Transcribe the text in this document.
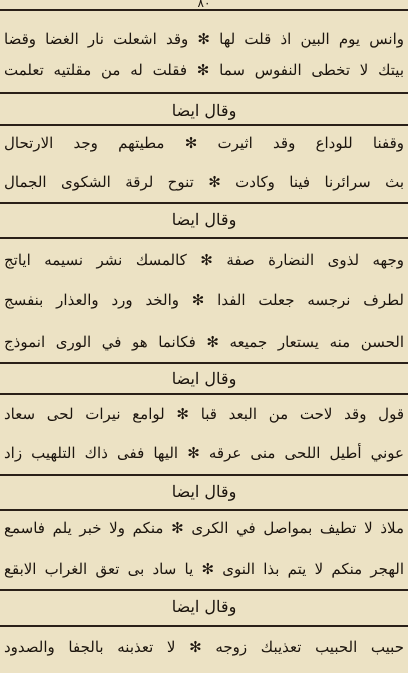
٨٠
وانس يوم البين اذ قلت لها ✻ وقد اشعلت نار الغضا وقضا
بيتك لا تخطى النفوس سما ✻ فقلت له من مقلتيه تعلمت
وقال ايضا
وقفنا للوداع وقد اثيرت ✻ مطيتهم وجد الارتحال
بث سرائرنا فينا وكادت ✻ تنوح لرقة الشكوى الجمال
وقال ايضا
وجهه لذوى النضارة صفة ✻ كالمسك نشر نسيمه اياتج
لطرف نرجسه جعلت الفدا ✻ والخد ورد والعذار بنفسج
الحسن منه يستعار جميعه ✻ فكانما هو في الورى انموذج
وقال ايضا
قول وقد لاحت من البعد قبا ✻ لوامع نيرات لحى سعاد
عوني أطيل اللحى منى عرقه ✻ اليها ففى ذاك التلهيب زاد
وقال ايضا
ملاذ لا تطيف بمواصل في الكرى ✻ منكم ولا خبر يلم فاسمع
الهجر منكم لا يتم بذا النوى ✻ يا ساد بى تعق الغراب الابقع
وقال ايضا
حبيب الحبيب تعذيبك زوجه ✻ لا تعذبنه بالجفا والصدود
